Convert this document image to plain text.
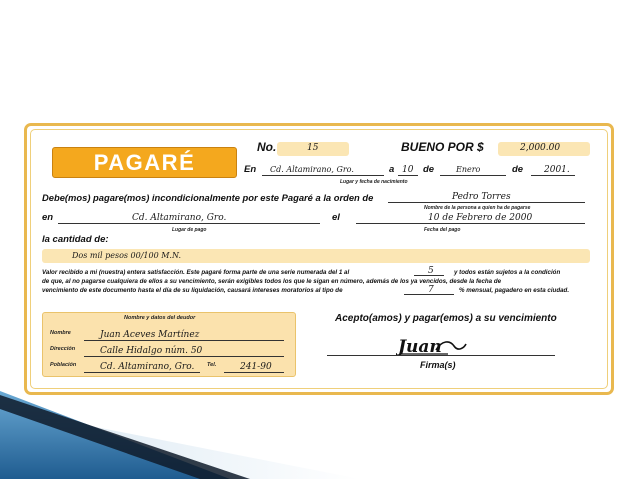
PAGARÉ
No.	15	BUENO POR $	2,000.00
En Cd. Altamirano, Gro.	a 10 de	Enero	de 2001.
Lugar y fecha de nacimiento
Debe(mos) pagare(mos) incondicionalmente por este Pagaré a la orden de	Pedro Torres
Nombre de la persona a quien ha de pagarse
en	Cd. Altamirano, Gro.
Lugar de pago
el	10 de Febrero de 2000
Fecha del pago
la cantidad de:
Dos mil pesos 00/100 M.N.
Valor recibido a mi (nuestra) entera satisfacción. Este pagaré forma parte de una serie numerada del 1 al	5	y todos están sujetos a la condición
de que, al no pagarse cualquiera de ellos a su vencimiento, serán exigibles todos los que le sigan en número, además de los ya vencidos, desde la fecha de
vencimiento de este documento hasta el día de su liquidación, causará intereses moratorios al tipo de	7	% mensual, pagadero en esta ciudad.
Nombre y datos del deudor
Nombre	Juan Aceves Martínez
Dirección	Calle Hidalgo núm. 50
Población	Cd. Altamirano, Gro. Tel.	241-90
Acepto(amos) y pagar(emos) a su vencimiento
Juan
Firma(s)
